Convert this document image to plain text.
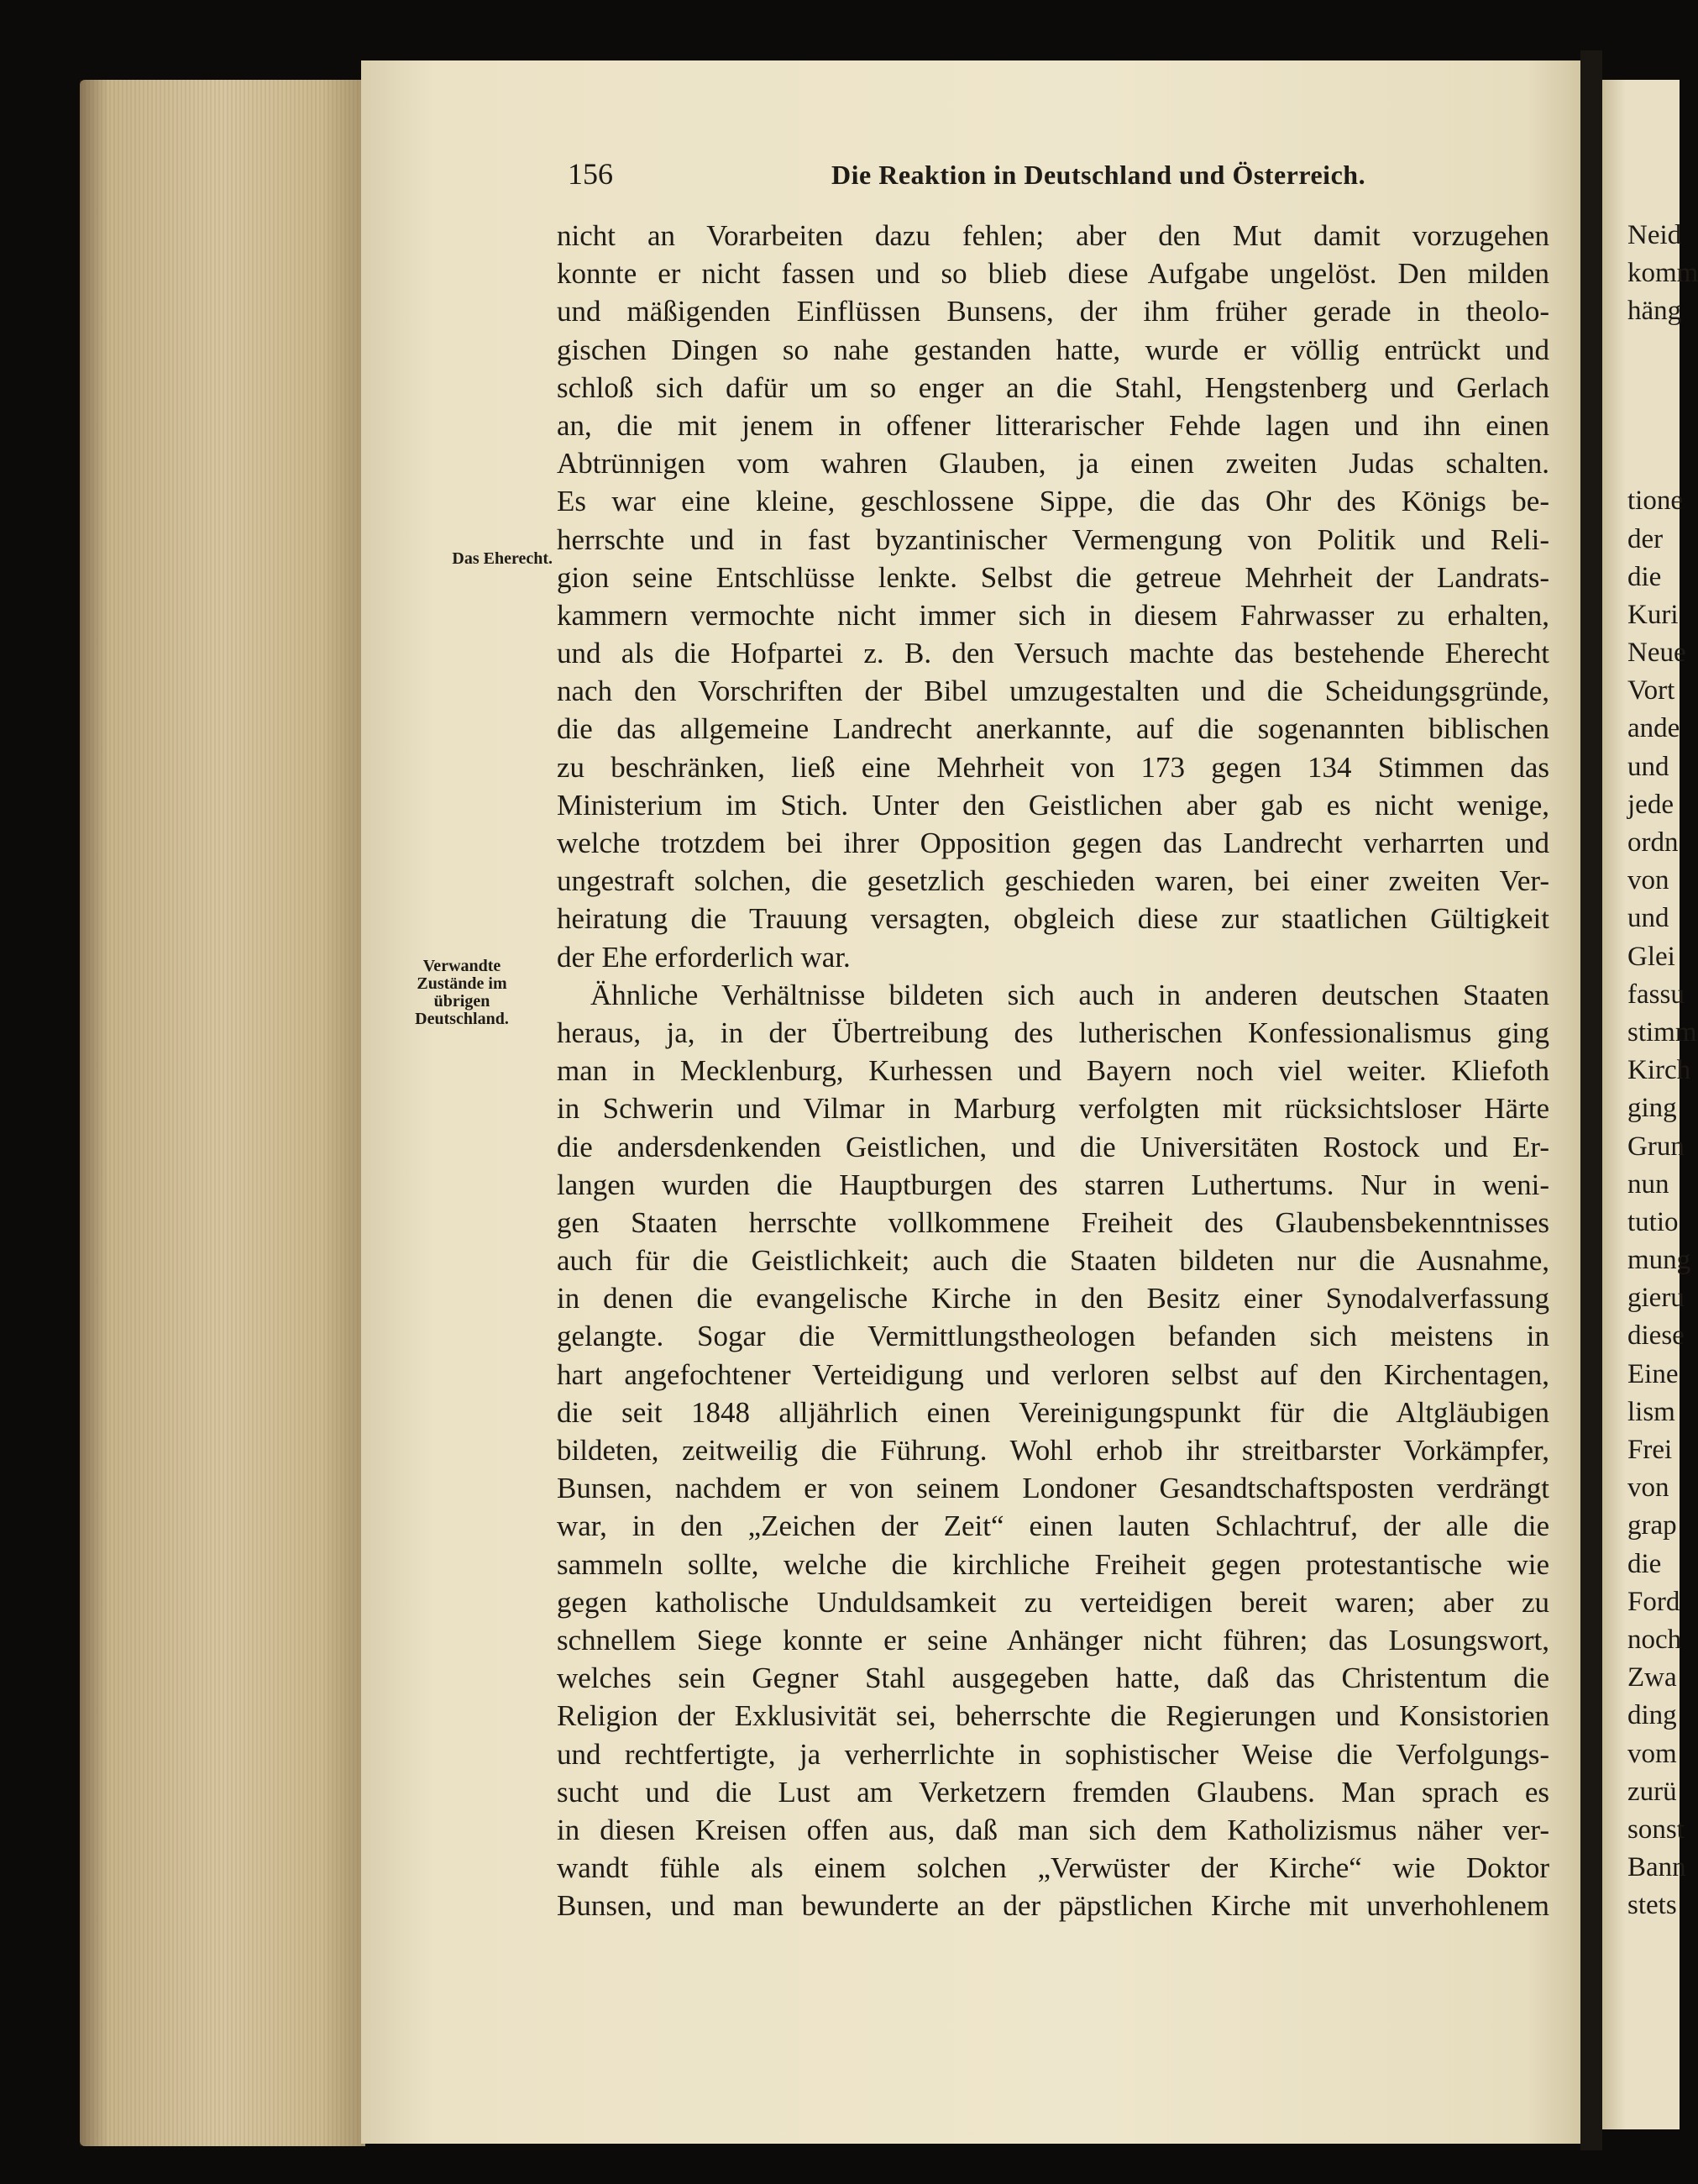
Neid
komm
häng
tione
der
die
Kuri
Neue
Vort
ande
und
jede
ordn
von
und
Glei
fassu
stimm
Kirch
ging
Grun
nun
tutio
mung
gieru
diese
Eine
lism
Frei
von
grap
die
Ford
noch
Zwa
ding
vom
zurü
sonst
Bann
stets
156	Die Reaktion in Deutschland und Österreich.
Das Eherecht.
Verwandte Zustände im übrigen Deutschland.
nicht an Vorarbeiten dazu fehlen; aber den Mut damit vorzugehen
konnte er nicht fassen und so blieb diese Aufgabe ungelöst. Den milden
und mäßigenden Einflüssen Bunsens, der ihm früher gerade in theolo-
gischen Dingen so nahe gestanden hatte, wurde er völlig entrückt und
schloß sich dafür um so enger an die Stahl, Hengstenberg und Gerlach
an, die mit jenem in offener litterarischer Fehde lagen und ihn einen
Abtrünnigen vom wahren Glauben, ja einen zweiten Judas schalten.
Es war eine kleine, geschlossene Sippe, die das Ohr des Königs be-
herrschte und in fast byzantinischer Vermengung von Politik und Reli-
gion seine Entschlüsse lenkte. Selbst die getreue Mehrheit der Landrats-
kammern vermochte nicht immer sich in diesem Fahrwasser zu erhalten,
und als die Hofpartei z. B. den Versuch machte das bestehende Eherecht
nach den Vorschriften der Bibel umzugestalten und die Scheidungsgründe,
die das allgemeine Landrecht anerkannte, auf die sogenannten biblischen
zu beschränken, ließ eine Mehrheit von 173 gegen 134 Stimmen das
Ministerium im Stich. Unter den Geistlichen aber gab es nicht wenige,
welche trotzdem bei ihrer Opposition gegen das Landrecht verharrten und
ungestraft solchen, die gesetzlich geschieden waren, bei einer zweiten Ver-
heiratung die Trauung versagten, obgleich diese zur staatlichen Gültigkeit
der Ehe erforderlich war.
Ähnliche Verhältnisse bildeten sich auch in anderen deutschen Staaten
heraus, ja, in der Übertreibung des lutherischen Konfessionalismus ging
man in Mecklenburg, Kurhessen und Bayern noch viel weiter. Kliefoth
in Schwerin und Vilmar in Marburg verfolgten mit rücksichtsloser Härte
die andersdenkenden Geistlichen, und die Universitäten Rostock und Er-
langen wurden die Hauptburgen des starren Luthertums. Nur in weni-
gen Staaten herrschte vollkommene Freiheit des Glaubensbekenntnisses
auch für die Geistlichkeit; auch die Staaten bildeten nur die Ausnahme,
in denen die evangelische Kirche in den Besitz einer Synodalverfassung
gelangte. Sogar die Vermittlungstheologen befanden sich meistens in
hart angefochtener Verteidigung und verloren selbst auf den Kirchentagen,
die seit 1848 alljährlich einen Vereinigungspunkt für die Altgläubigen
bildeten, zeitweilig die Führung. Wohl erhob ihr streitbarster Vorkämpfer,
Bunsen, nachdem er von seinem Londoner Gesandtschaftsposten verdrängt
war, in den „Zeichen der Zeit“ einen lauten Schlachtruf, der alle die
sammeln sollte, welche die kirchliche Freiheit gegen protestantische wie
gegen katholische Unduldsamkeit zu verteidigen bereit waren; aber zu
schnellem Siege konnte er seine Anhänger nicht führen; das Losungswort,
welches sein Gegner Stahl ausgegeben hatte, daß das Christentum die
Religion der Exklusivität sei, beherrschte die Regierungen und Konsistorien
und rechtfertigte, ja verherrlichte in sophistischer Weise die Verfolgungs-
sucht und die Lust am Verketzern fremden Glaubens. Man sprach es
in diesen Kreisen offen aus, daß man sich dem Katholizismus näher ver-
wandt fühle als einem solchen „Verwüster der Kirche“ wie Doktor
Bunsen, und man bewunderte an der päpstlichen Kirche mit unverhohlenem
